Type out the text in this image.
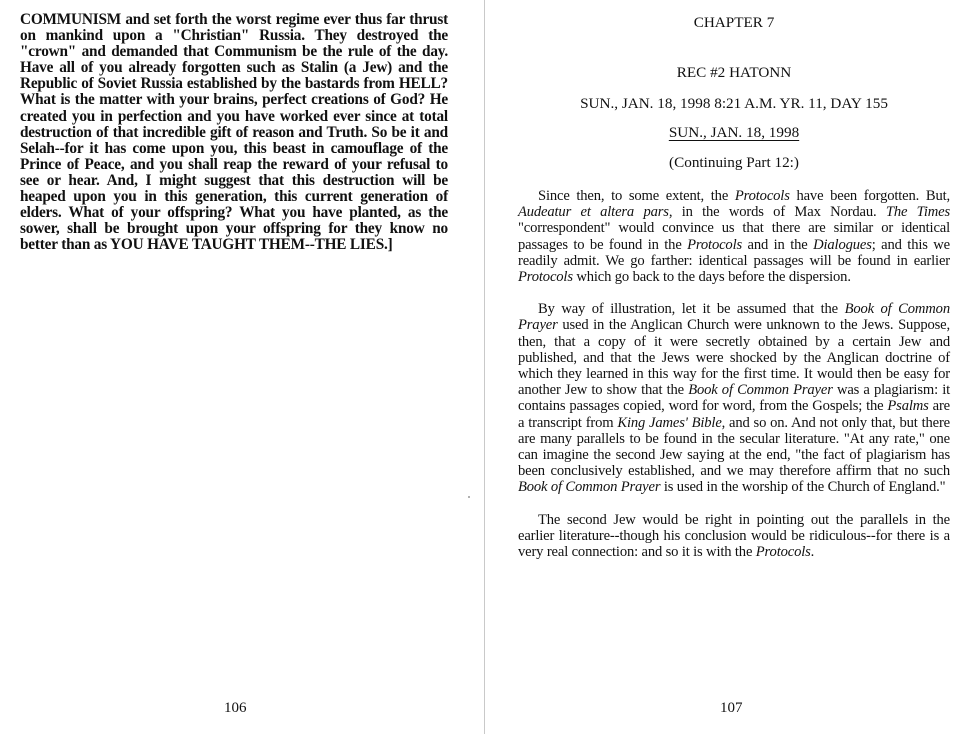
COMMUNISM and set forth the worst regime ever thus far thrust on mankind upon a "Christian" Russia. They destroyed the "crown" and demanded that Communism be the rule of the day. Have all of you already forgotten such as Stalin (a Jew) and the Republic of Soviet Russia established by the bastards from HELL? What is the matter with your brains, perfect creations of God? He created you in perfection and you have worked ever since at total destruction of that incredible gift of reason and Truth. So be it and Selah--for it has come upon you, this beast in camouflage of the Prince of Peace, and you shall reap the reward of your refusal to see or hear. And, I might suggest that this destruction will be heaped upon you in this generation, this current generation of elders. What of your offspring? What you have planted, as the sower, shall be brought upon your offspring for they know no better than as YOU HAVE TAUGHT THEM--THE LIES.]

106

CHAPTER 7

REC #2 HATONN

SUN., JAN. 18, 1998 8:21 A.M. YR. 11, DAY 155

SUN., JAN. 18, 1998

(Continuing Part 12:)

Since then, to some extent, the Protocols have been forgotten. But, Audeatur et altera pars, in the words of Max Nordau. The Times "correspondent" would convince us that there are similar or identical passages to be found in the Protocols and in the Dialogues; and this we readily admit. We go farther: identical passages will be found in earlier Protocols which go back to the days before the dispersion.

By way of illustration, let it be assumed that the Book of Common Prayer used in the Anglican Church were unknown to the Jews. Suppose, then, that a copy of it were secretly obtained by a certain Jew and published, and that the Jews were shocked by the Anglican doctrine of which they learned in this way for the first time. It would then be easy for another Jew to show that the Book of Common Prayer was a plagiarism: it contains passages copied, word for word, from the Gospels; the Psalms are a transcript from King James' Bible, and so on. And not only that, but there are many parallels to be found in the secular literature. "At any rate," one can imagine the second Jew saying at the end, "the fact of plagiarism has been conclusively established, and we may therefore affirm that no such Book of Common Prayer is used in the worship of the Church of England."

The second Jew would be right in pointing out the parallels in the earlier literature--though his conclusion would be ridiculous--for there is a very real connection: and so it is with the Protocols.

107
